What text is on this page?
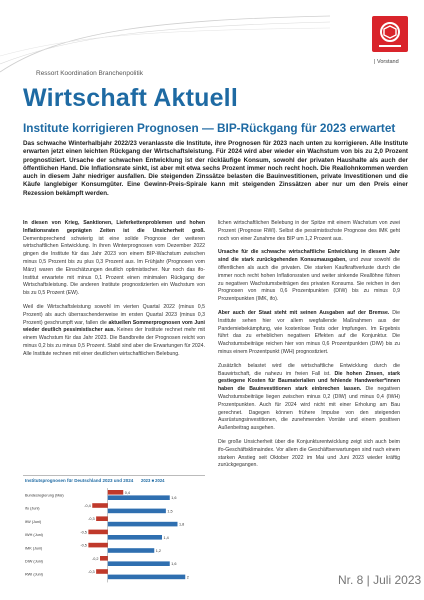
| Vorstand
Ressort Koordination Branchenpolitik
Wirtschaft Aktuell
Institute korrigieren Prognosen — BIP-Rückgang für 2023 erwartet
Das schwache Winterhalbjahr 2022/23 veranlasste die Institute, ihre Prognosen für 2023 nach unten zu korrigieren. Alle Institute erwarten jetzt einen leichten Rückgang der Wirtschaftsleistung. Für 2024 wird aber wieder ein Wachstum von bis zu 2,0 Prozent prognostiziert. Ursache der schwachen Entwicklung ist der rückläufige Konsum, sowohl der privaten Haushalte als auch der öffentlichen Hand. Die Inflationsrate sinkt, ist aber mit etwa sechs Prozent immer noch recht hoch. Die Reallohnkommen werden auch in diesem Jahr niedriger ausfallen. Die steigenden Zinssätze belasten die Bauinvestitionen, private Investitionen und die Käufe langlebiger Konsumgüter. Eine Gewinn-Preis-Spirale kann mit steigenden Zinssätzen aber nur um den Preis einer Rezession bekämpft werden.

In diesen von Krieg, Sanktionen, Lieferkettenproblemen und hohen Inflationsraten geprägten Zeiten ist die Unsicherheit groß. Dementsprechend schwierig ist eine solide Prognose der weiteren wirtschaftlichen Entwicklung. In ihren Winterprognosen vom Dezember 2022 gingen die Institute für das Jahr 2023 von einem BIP-Wachstum zwischen minus 0,5 Prozent bis zu plus 0,3 Prozent aus. Im Frühjahr (Prognosen vom März) waren die Einschätzungen deutlich optimistischer. Nur noch das ifo-Institut erwartete mit minus 0,1 Prozent einen minimalen Rückgang der Wirtschaftsleistung. Die anderen Institute prognostizierten ein Wachstum von bis zu 0,5 Prozent (EW).

Weil die Wirtschaftsleistung sowohl im vierten Quartal 2022 (minus 0,5 Prozent) als auch überraschenderweise im ersten Quartal 2023 (minus 0,3 Prozent) geschrumpft war, fallen die aktuellen Sommerprognosen vom Juni wieder deutlich pessimistischer aus. Keines der Institute rechnet mehr mit einem Wachstum für das Jahr 2023. Die Bandbreite der Prognosen reicht von minus 0,2 bis zu minus 0,5 Prozent. Stabil sind aber die Erwartungen für 2024. Alle Institute rechnen mit einer deutlichen wirtschaftlichen Belebung.

Institutsprognosen für Deutschland 2023 und 2024 2023 ■ 2024
Bundesregierung (Mai)
0,4
1,6
ifo (Juni)
-0,4
1,5
IfW (Juni)
-0,3
1,8
IWH (Juni)
-0,5
1,4
IMK (Juni)
-0,5
1,2
DIW (Juni)
-0,2
1,6
RWI (Juni)
-0,3
2

lichen wirtschaftlichen Belebung in der Spitze mit einem Wachstum von zwei Prozent (Prognose RWI). Selbst die pessimistischste Prognose des IMK geht noch von einer Zunahme des BIP um 1,2 Prozent aus.

Ursache für die schwache wirtschaftliche Entwicklung in diesem Jahr sind die stark zurückgehenden Konsumausgaben, und zwar sowohl die öffentlichen als auch die privaten. Die starken Kaufkraftverluste durch die immer noch recht hohen Inflationsraten und weiter sinkende Reallöhne führen zu negativen Wachstumsbeiträgen des privaten Konsums. Sie reichen in den Prognosen von minus 0,6 Prozentpunkten (DIW) bis zu minus 0,9 Prozentpunkten (IMK, ifo).

Aber auch der Staat steht mit seinen Ausgaben auf der Bremse. Die Institute sehen hier vor allem wegfallende Maßnahmen aus der Pandemiebekämpfung, wie kostenlose Tests oder Impfungen. Im Ergebnis führt das zu erheblichen negativen Effekten auf die Konjunktur. Die Wachstumsbeiträge reichen hier von minus 0,6 Prozentpunkten (DIW) bis zu minus einem Prozentpunkt (IWH) prognostiziert.

Zusätzlich belastet wird die wirtschaftliche Entwicklung durch die Bauwirtschaft, die nahezu im freien Fall ist. Die hohen Zinsen, stark gestiegene Kosten für Baumaterialien und fehlende Handwerker*innen haben die Bauinvestitionen stark einbrechen lassen. Die negativen Wachstumsbeiträge liegen zwischen minus 0,2 (DIW) und minus 0,4 (IWH) Prozentpunkten. Auch für 2024 wird nicht mit einer Erholung am Bau gerechnet. Dagegen können frühere Impulse von den steigenden Ausrüstungsinvestitionen, die zunehmenden Vorräte und einem positiven Außenbeitrag ausgehen.

Die große Unsicherheit über die Konjunkturentwicklung zeigt sich auch beim ifo-Geschäftsklimaindex. Vor allem die Geschäftserwartungen sind nach einem starken Anstieg seit Oktober 2022 im Mai und Juni 2023 wieder kräftig zurückgegangen.

Nr. 8 | Juli 2023
